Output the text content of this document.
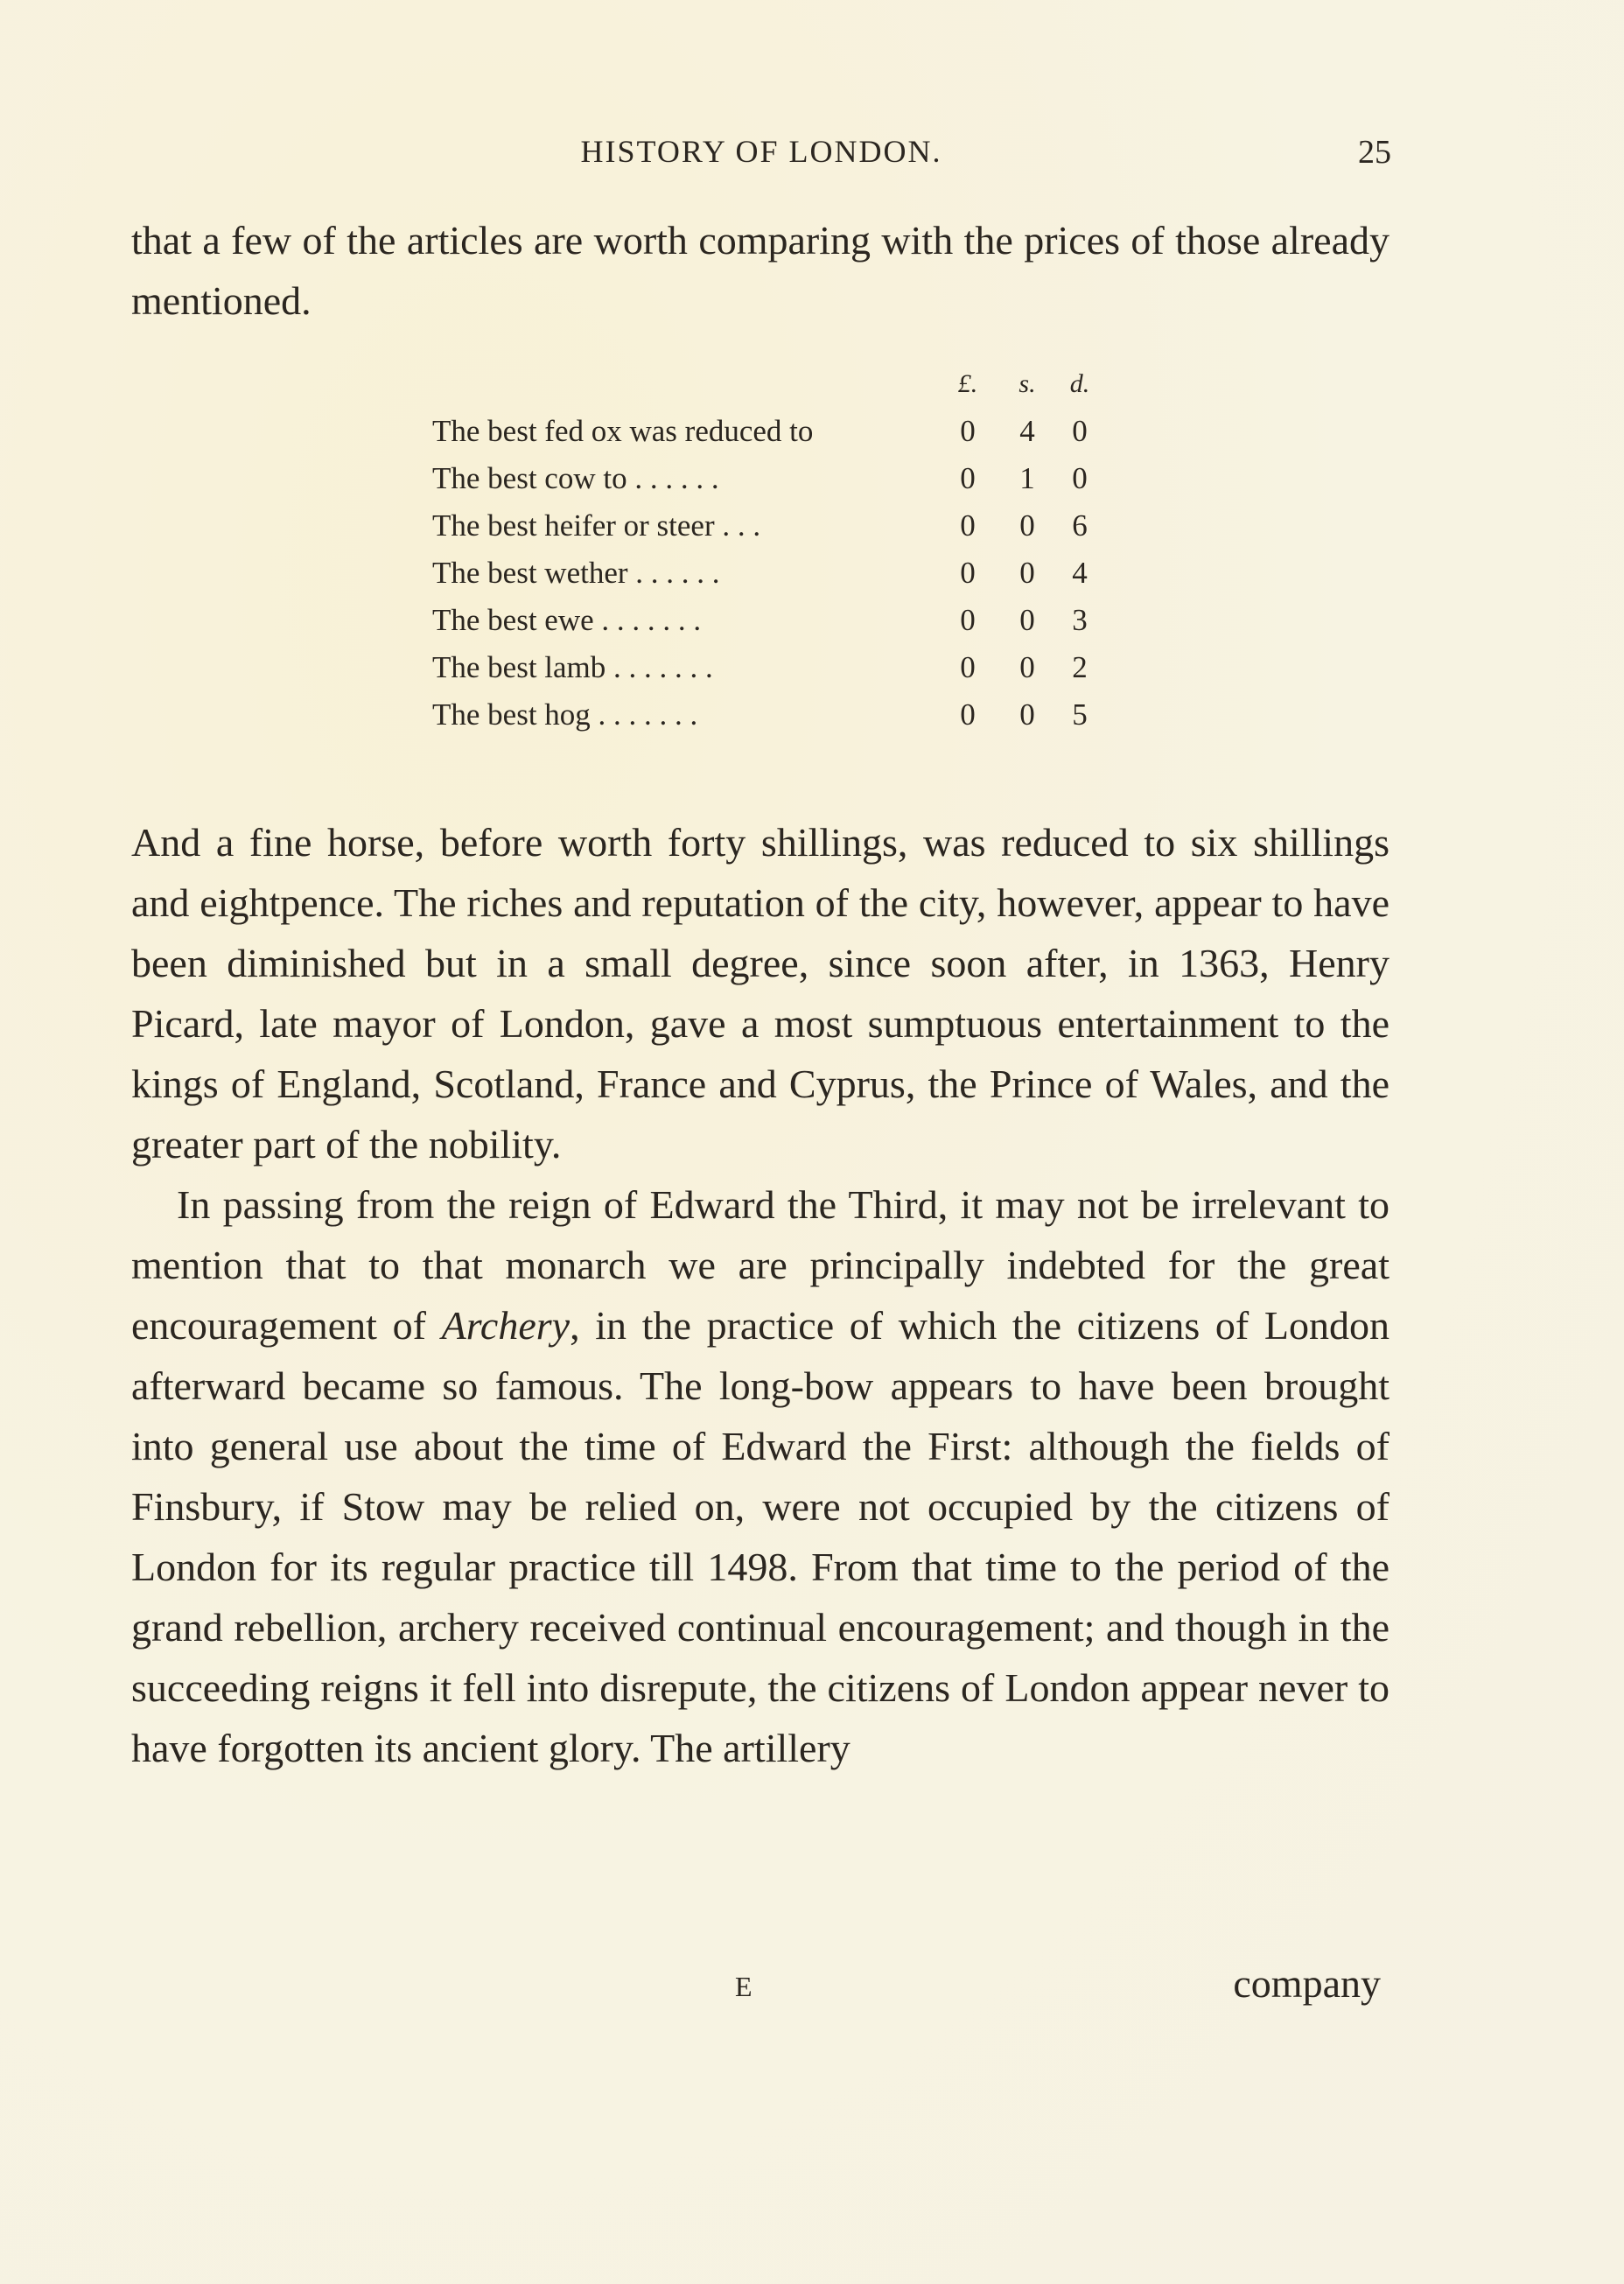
HISTORY OF LONDON.	25

that a few of the articles are worth comparing with the prices of those already mentioned.

£.	s.	d.
The best fed ox was reduced to	0	4	0
The best cow to . . . . . .	0	1	0
The best heifer or steer . . .	0	0	6
The best wether . . . . . .	0	0	4
The best ewe . . . . . . .	0	0	3
The best lamb . . . . . . .	0	0	2
The best hog . . . . . . .	0	0	5

And a fine horse, before worth forty shillings, was reduced to six shillings and eightpence. The riches and reputation of the city, however, appear to have been diminished but in a small degree, since soon after, in 1363, Henry Picard, late mayor of London, gave a most sumptuous entertainment to the kings of England, Scotland, France and Cyprus, the Prince of Wales, and the greater part of the nobility.

In passing from the reign of Edward the Third, it may not be irrelevant to mention that to that monarch we are principally indebted for the great encouragement of Archery, in the practice of which the citizens of London afterward became so famous. The long-bow appears to have been brought into general use about the time of Edward the First: although the fields of Finsbury, if Stow may be relied on, were not occupied by the citizens of London for its regular practice till 1498. From that time to the period of the grand rebellion, archery received continual encouragement; and though in the succeeding reigns it fell into disrepute, the citizens of London appear never to have forgotten its ancient glory. The artillery

E	company
